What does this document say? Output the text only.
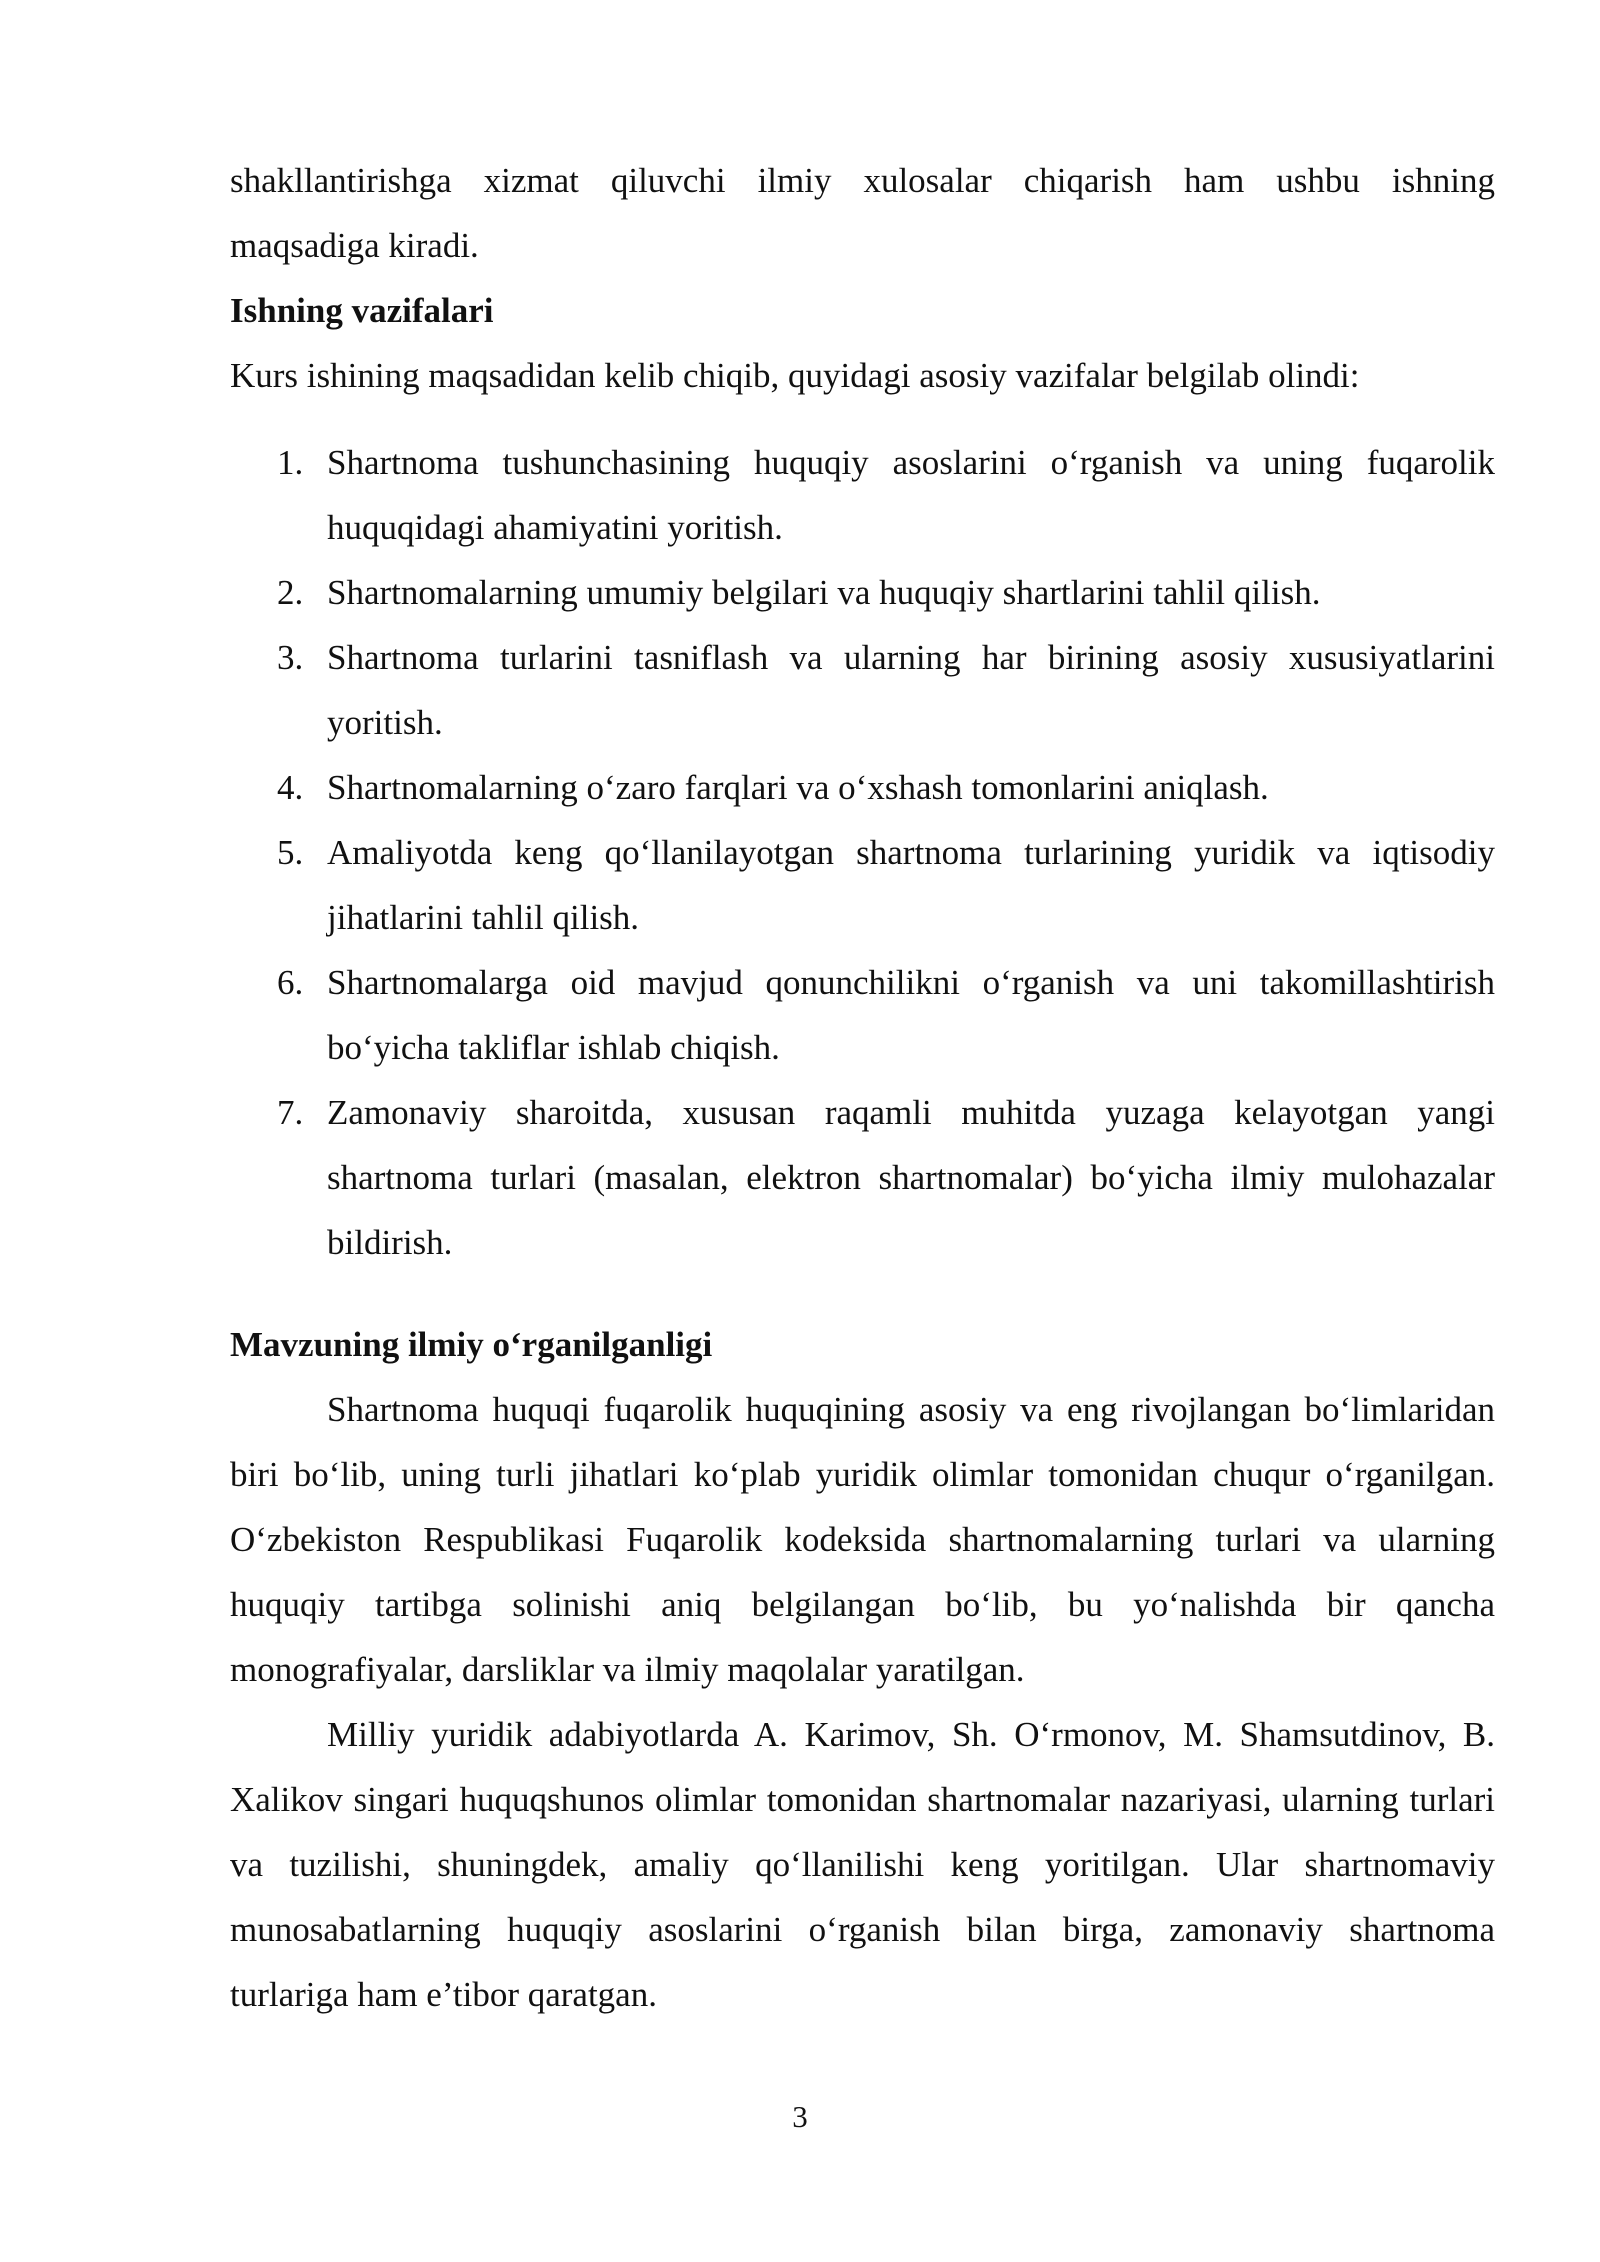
shakllantirishga xizmat qiluvchi ilmiy xulosalar chiqarish ham ushbu ishning

maqsadiga kiradi.

Ishning vazifalari

Kurs ishining maqsadidan kelib chiqib, quyidagi asosiy vazifalar belgilab olindi:

1. Shartnoma tushunchasining huquqiy asoslarini o‘rganish va uning fuqarolik huquqidagi ahamiyatini yoritish.
2. Shartnomalarning umumiy belgilari va huquqiy shartlarini tahlil qilish.
3. Shartnoma turlarini tasniflash va ularning har birining asosiy xususiyatlarini yoritish.
4. Shartnomalarning o‘zaro farqlari va o‘xshash tomonlarini aniqlash.
5. Amaliyotda keng qo‘llanilayotgan shartnoma turlarining yuridik va iqtisodiy jihatlarini tahlil qilish.
6. Shartnomalarga oid mavjud qonunchilikni o‘rganish va uni takomillashtirish bo‘yicha takliflar ishlab chiqish.
7. Zamonaviy sharoitda, xususan raqamli muhitda yuzaga kelayotgan yangi shartnoma turlari (masalan, elektron shartnomalar) bo‘yicha ilmiy mulohazalar bildirish.

Mavzuning ilmiy o‘rganilganligi

Shartnoma huquqi fuqarolik huquqining asosiy va eng rivojlangan bo‘limlaridan biri bo‘lib, uning turli jihatlari ko‘plab yuridik olimlar tomonidan chuqur o‘rganilgan. O‘zbekiston Respublikasi Fuqarolik kodeksida shartnomalarning turlari va ularning huquqiy tartibga solinishi aniq belgilangan bo‘lib, bu yo‘nalishda bir qancha monografiyalar, darsliklar va ilmiy maqolalar yaratilgan.

Milliy yuridik adabiyotlarda A. Karimov, Sh. O‘rmonov, M. Shamsutdinov, B. Xalikov singari huquqshunos olimlar tomonidan shartnomalar nazariyasi, ularning turlari va tuzilishi, shuningdek, amaliy qo‘llanilishi keng yoritilgan. Ular shartnomaviy munosabatlarning huquqiy asoslarini o‘rganish bilan birga, zamonaviy shartnoma turlariga ham e’tibor qaratgan.

3
